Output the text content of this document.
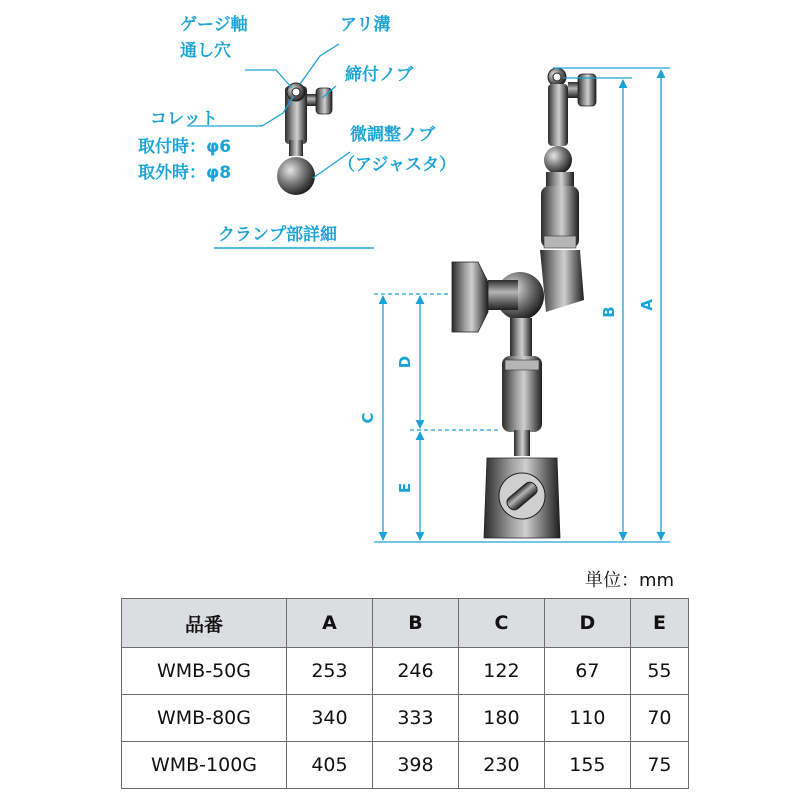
ゲージ軸
通し穴
アリ溝
締付ノブ
コレット
取付時：φ6
取外時：φ8
微調整ノブ
（アジャスタ）
クランプ部詳細
A
B
C
D
E
単位：mm
品番	A	B	C	D	E
WMB-50G	253	246	122	67	55
WMB-80G	340	333	180	110	70
WMB-100G	405	398	230	155	75
